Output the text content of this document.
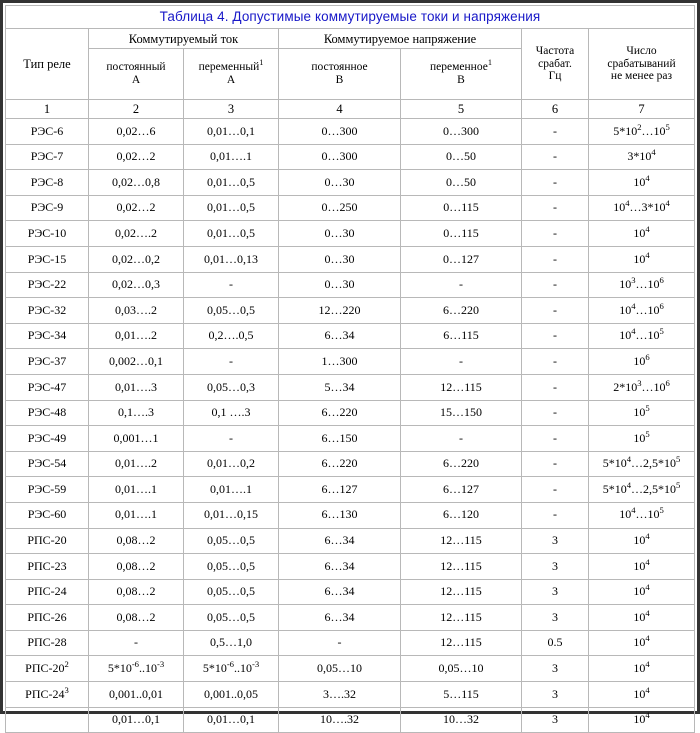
Таблица 4. Допустимые коммутируемые токи и напряжения						
Тип реле	Коммутируемый ток		Коммутируемое напряжение		Частота
срабат.
Гц	Число
срабатываний
не менее раз

	постоянный
А	переменный$^1$
А	постоянное
В	переменное$^1$
В		

1	2	3	4	5	6	7
РЭС-6	0,02…6	0,01…0,1	0…300	0…300	-	$5*10^2\dots 10^5$
РЭС-7	0,02…2	0,01….1	0…300	0…50	-	$3*10^4$
РЭС-8	0,02…0,8	0,01…0,5	0…30	0…50	-	$10^4$
РЭС-9	0,02…2	0,01…0,5	0…250	0…115	-	$10^4\dots 3*10^4$
РЭС-10	0,02….2	0,01…0,5	0…30	0…115	-	$10^4$
РЭС-15	0,02…0,2	0,01…0,13	0…30	0…127	-	$10^4$
РЭС-22	0,02…0,3	-	0…30	-	-	$10^3\dots 10^6$
РЭС-32	0,03….2	0,05…0,5	12…220	6…220	-	$10^4\dots 10^6$
РЭС-34	0,01….2	0,2….0,5	6…34	6…115	-	$10^4\dots 10^5$
РЭС-37	0,002…0,1	-	1…300	-	-	$10^6$
РЭС-47	0,01….3	0,05…0,3	5…34	12…115	-	$2*10^3\dots 10^6$
РЭС-48	0,1….3	0,1 ….3	6…220	15…150	-	$10^5$
РЭС-49	0,001…1	-	6…150	-	-	$10^5$
РЭС-54	0,01….2	0,01…0,2	6…220	6…220	-	$5*10^4\dots 2,5*10^5$
РЭС-59	0,01….1	0,01….1	6…127	6…127	-	$5*10^4\dots 2,5*10^5$
РЭС-60	0,01….1	0,01…0,15	6…130	6…120	-	$10^4\dots 10^5$
РПС-20	0,08…2	0,05…0,5	6…34	12…115	3	$10^4$
РПС-23	0,08…2	0,05…0,5	6…34	12…115	3	$10^4$
РПС-24	0,08…2	0,05…0,5	6…34	12…115	3	$10^4$
РПС-26	0,08…2	0,05…0,5	6…34	12…115	3	$10^4$
РПС-28	-	0,5…1,0	-	12…115	0.5	$10^4$
РПС-$20^2$	$5*10^{-6}..10^{-3}$	$5*10^{-6}..10^{-3}$	0,05…10	0,05…10	3	$10^4$
РПС-$24^3$	0,001..0,01	0,001..0,05	3….32	5…115	3	$10^4$
	0,01…0,1	0,01…0,1	10….32	10…32	3	$10^4$
